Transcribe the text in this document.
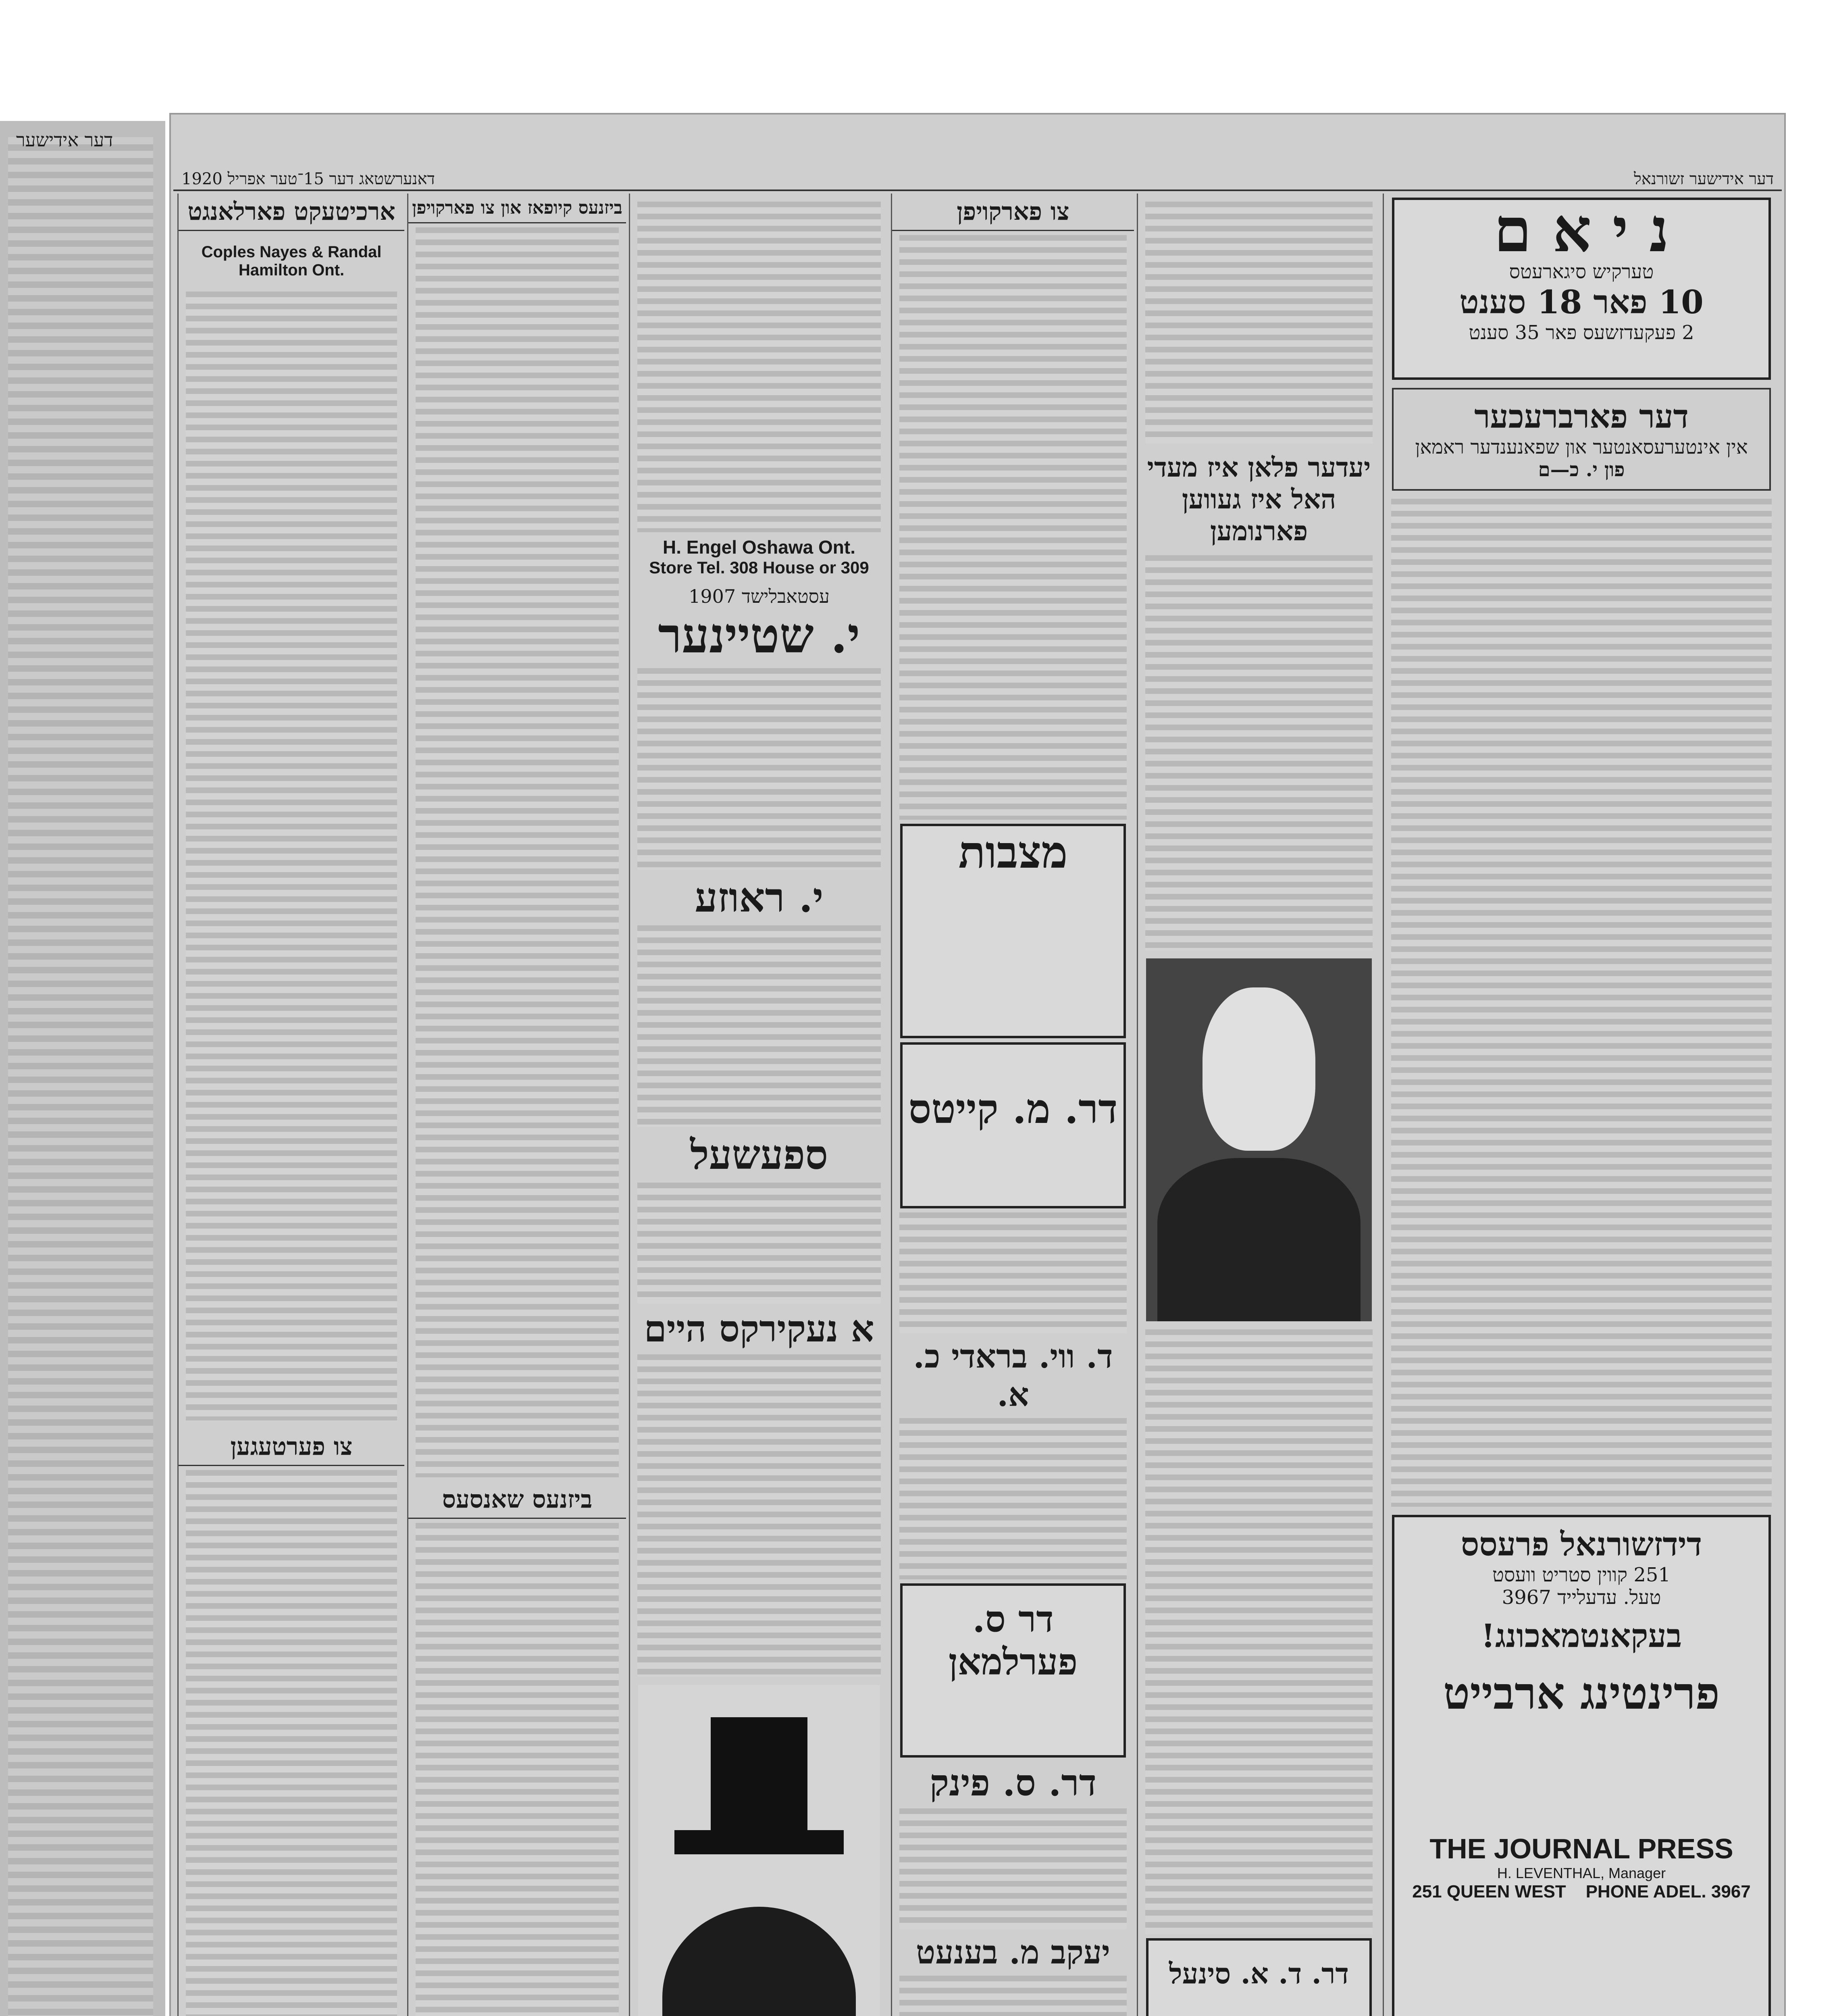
דער אידישער
דאנערשטאג דער 15־טער אפריל 1920	דער אידישער זשורנאל
ארכיטעקט פארלאנגט
Coples Nayes & Randal Hamilton Ont.
צו פערטעגען
ביזנעס קיופאז און צו פארקויפן
ביזנעס שאנסעס
H. Engel Oshawa Ont.
Store Tel. 308 House or 309
עסטאבלישד 1907
י. שטיינער
י. ראוזע
ספעשעל
א נעקירקס היים
צו פארקויפן
מצבות
דר. מ. קייטס
ד. ווי. בראדי כ. א.
דר ס. פערלמאן
דר. ס. פינק
יעקב מ. בענעט
יעדער פלאן איז מעדי האל איז געווען פארנומען
דר. ד. א. סינעל
נ י א ם
טערקיש סיגארעטס
10 פאר 18 סענט
2 פעקעדזשעס פאר 35 סענט
דער פארברעכער
אין אינטערעסאנטער און שפאנענדער ראמאן
פון י. כ—ם
דידזשורנאל פרעסס
251 קווין סטריט וועסט
טעל. עדעלייד 3967
בעקאנטמאכונג!
פרינטינג ארבייט
THE JOURNAL PRESS
H. LEVENTHAL, Manager
251 QUEEN WEST PHONE ADEL. 3967
